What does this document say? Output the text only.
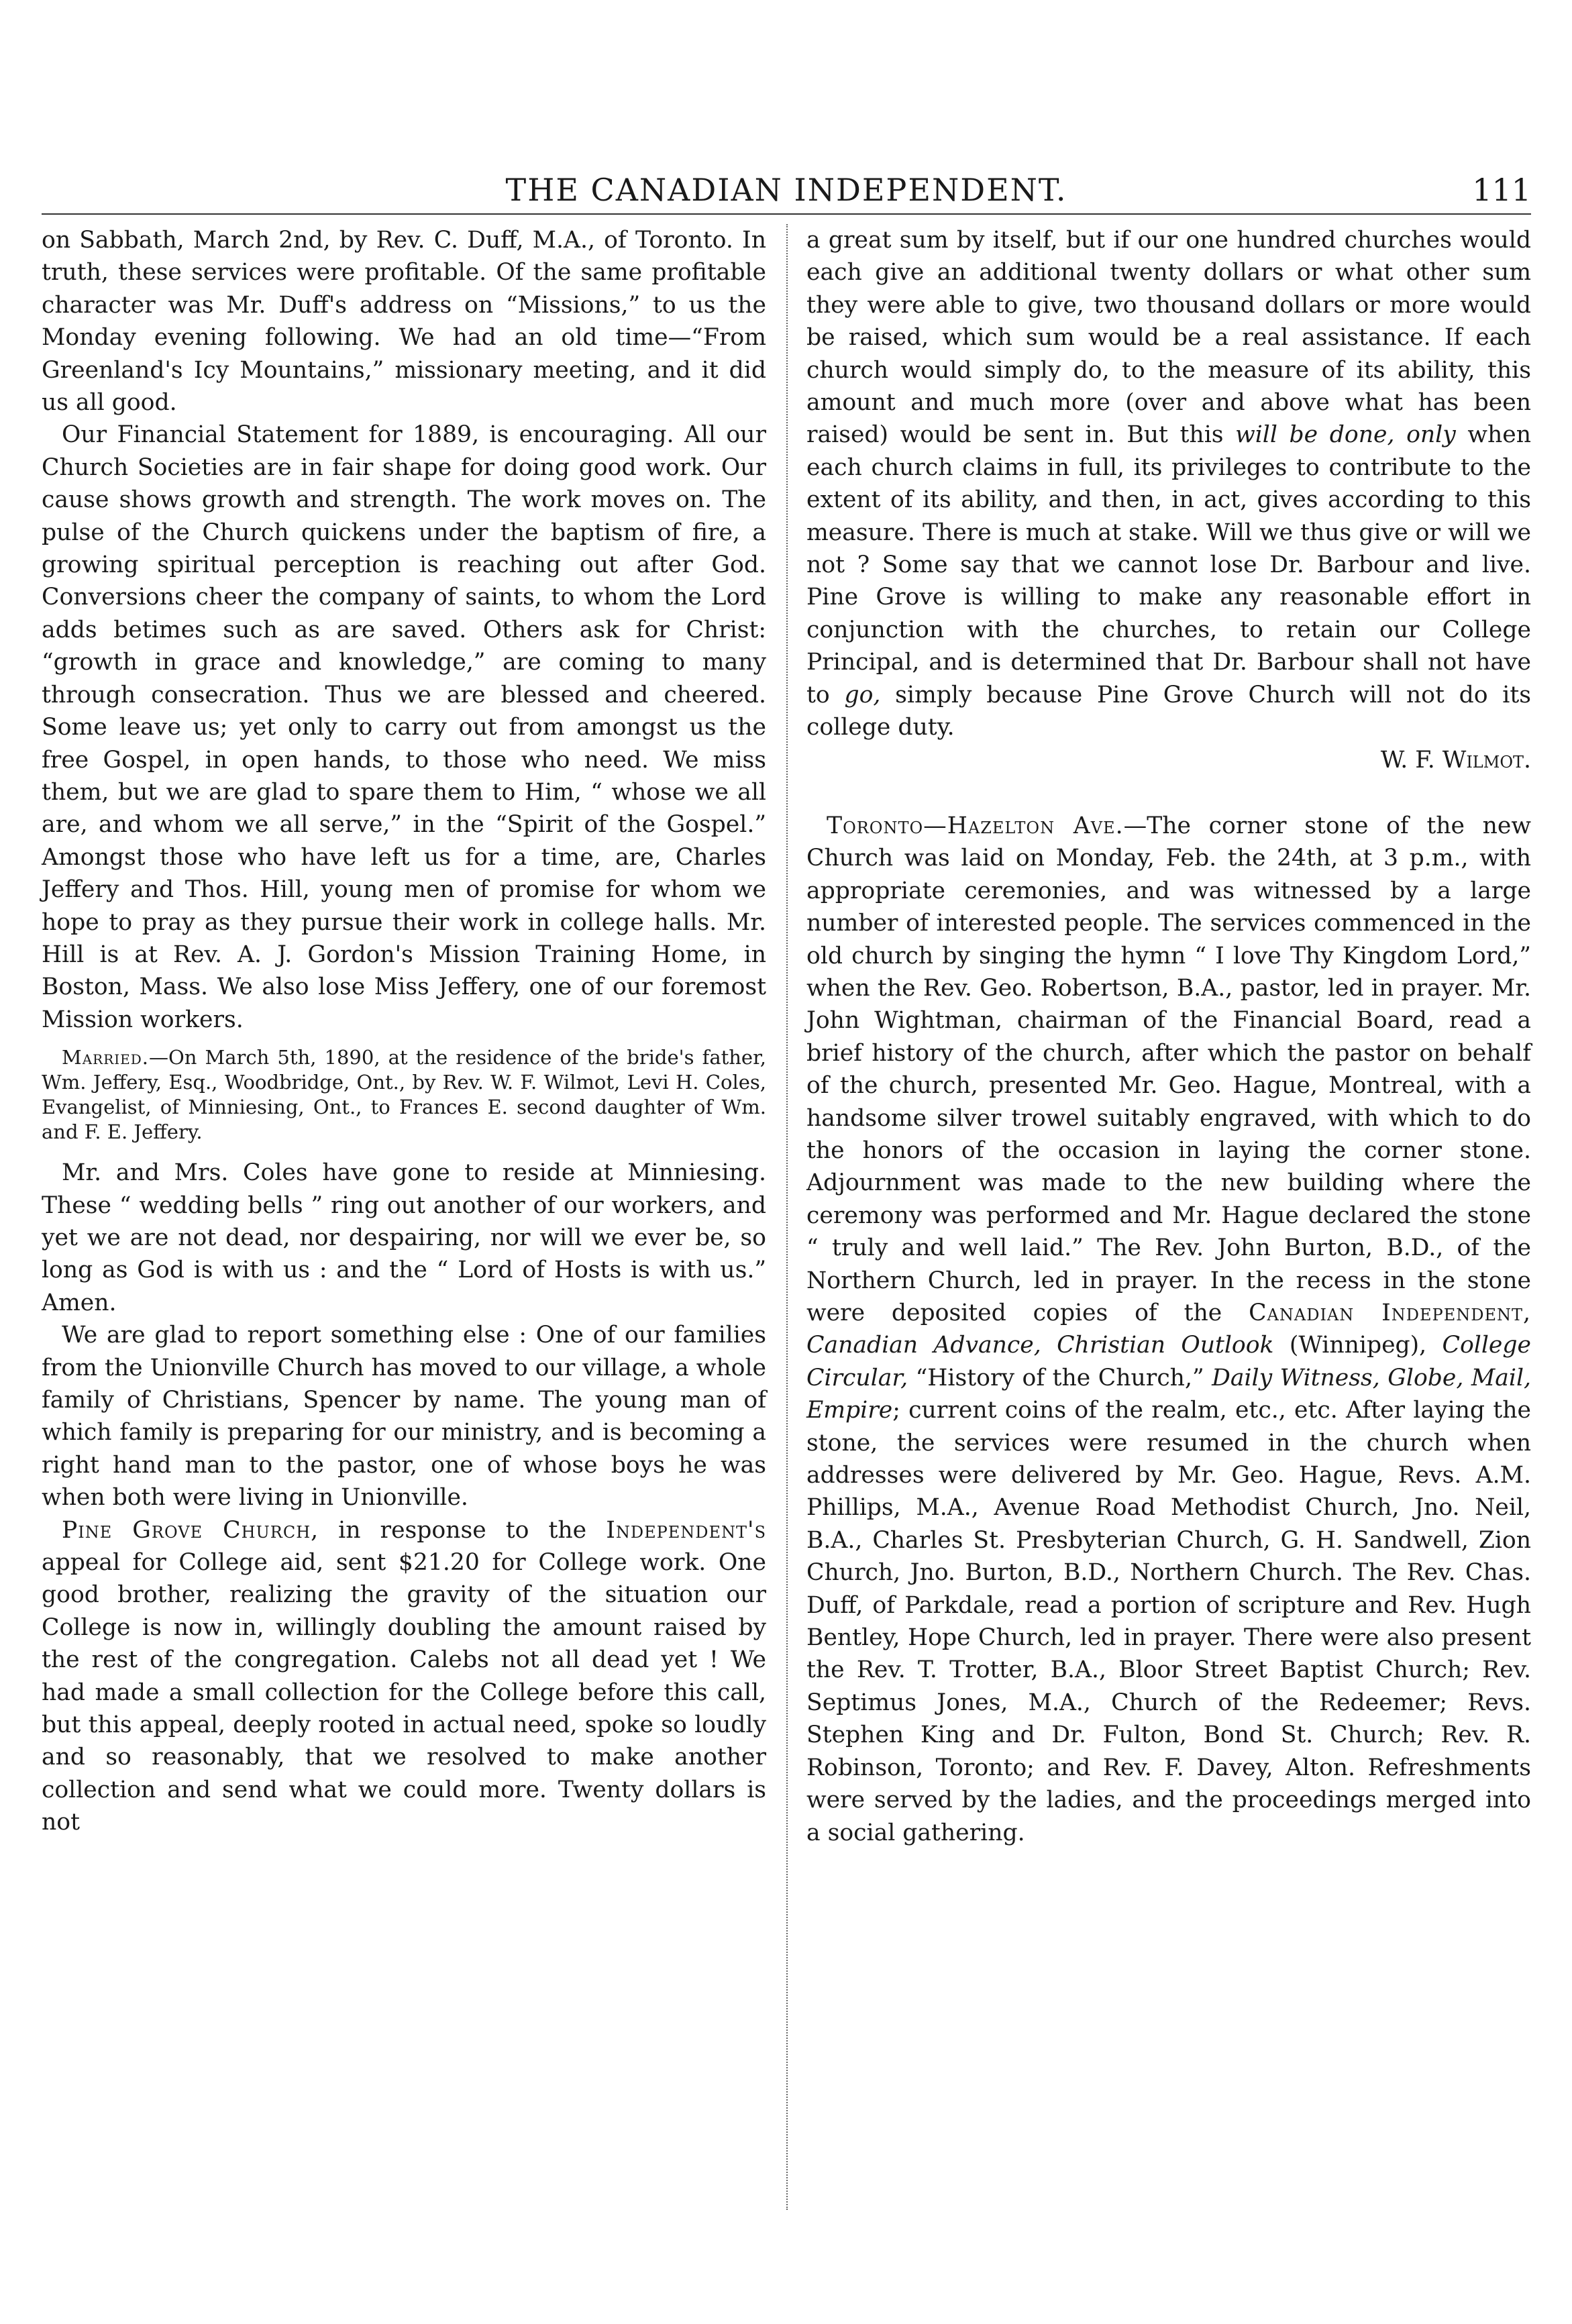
THE CANADIAN INDEPENDENT.	111

on Sabbath, March 2nd, by Rev. C. Duff, M.A., of Toronto. In truth, these services were profitable. Of the same profitable character was Mr. Duff's address on “Missions,” to us the Monday evening following. We had an old time—“From Greenland's Icy Mountains,” missionary meeting, and it did us all good.

Our Financial Statement for 1889, is encouraging. All our Church Societies are in fair shape for doing good work. Our cause shows growth and strength. The work moves on. The pulse of the Church quickens under the baptism of fire, a growing spiritual perception is reaching out after God. Conversions cheer the company of saints, to whom the Lord adds betimes such as are saved. Others ask for Christ: “growth in grace and knowledge,” are coming to many through consecration. Thus we are blessed and cheered. Some leave us; yet only to carry out from amongst us the free Gospel, in open hands, to those who need. We miss them, but we are glad to spare them to Him, “ whose we all are, and whom we all serve,” in the “Spirit of the Gospel.” Amongst those who have left us for a time, are, Charles Jeffery and Thos. Hill, young men of promise for whom we hope to pray as they pursue their work in college halls. Mr. Hill is at Rev. A. J. Gordon's Mission Training Home, in Boston, Mass. We also lose Miss Jeffery, one of our foremost Mission workers.

Married.—On March 5th, 1890, at the residence of the bride's father, Wm. Jeffery, Esq., Woodbridge, Ont., by Rev. W. F. Wilmot, Levi H. Coles, Evangelist, of Minniesing, Ont., to Frances E. second daughter of Wm. and F. E. Jeffery.

Mr. and Mrs. Coles have gone to reside at Minniesing. These “ wedding bells ” ring out another of our workers, and yet we are not dead, nor despairing, nor will we ever be, so long as God is with us : and the “ Lord of Hosts is with us.” Amen.

We are glad to report something else : One of our families from the Unionville Church has moved to our village, a whole family of Christians, Spencer by name. The young man of which family is preparing for our ministry, and is becoming a right hand man to the pastor, one of whose boys he was when both were living in Unionville.

Pine Grove Church, in response to the Independent's appeal for College aid, sent $21.20 for College work. One good brother, realizing the gravity of the situation our College is now in, willingly doubling the amount raised by the rest of the congregation. Calebs not all dead yet ! We had made a small collection for the College before this call, but this appeal, deeply rooted in actual need, spoke so loudly and so reasonably, that we resolved to make another collection and send what we could more. Twenty dollars is not

a great sum by itself, but if our one hundred churches would each give an additional twenty dollars or what other sum they were able to give, two thousand dollars or more would be raised, which sum would be a real assistance. If each church would simply do, to the measure of its ability, this amount and much more (over and above what has been raised) would be sent in. But this will be done, only when each church claims in full, its privileges to contribute to the extent of its ability, and then, in act, gives according to this measure. There is much at stake. Will we thus give or will we not ? Some say that we cannot lose Dr. Barbour and live. Pine Grove is willing to make any reasonable effort in conjunction with the churches, to retain our College Principal, and is determined that Dr. Barbour shall not have to go, simply because Pine Grove Church will not do its college duty.

W. F. Wilmot.

Toronto—Hazelton Ave.—The corner stone of the new Church was laid on Monday, Feb. the 24th, at 3 p.m., with appropriate ceremonies, and was witnessed by a large number of interested people. The services commenced in the old church by singing the hymn “ I love Thy Kingdom Lord,” when the Rev. Geo. Robertson, B.A., pastor, led in prayer. Mr. John Wightman, chairman of the Financial Board, read a brief history of the church, after which the pastor on behalf of the church, presented Mr. Geo. Hague, Montreal, with a handsome silver trowel suitably engraved, with which to do the honors of the occasion in laying the corner stone. Adjournment was made to the new building where the ceremony was performed and Mr. Hague declared the stone “ truly and well laid.” The Rev. John Burton, B.D., of the Northern Church, led in prayer. In the recess in the stone were deposited copies of the Canadian Independent, Canadian Advance, Christian Outlook (Winnipeg), College Circular, “History of the Church,” Daily Witness, Globe, Mail, Empire; current coins of the realm, etc., etc. After laying the stone, the services were resumed in the church when addresses were delivered by Mr. Geo. Hague, Revs. A.M. Phillips, M.A., Avenue Road Methodist Church, Jno. Neil, B.A., Charles St. Presbyterian Church, G. H. Sandwell, Zion Church, Jno. Burton, B.D., Northern Church. The Rev. Chas. Duff, of Parkdale, read a portion of scripture and Rev. Hugh Bentley, Hope Church, led in prayer. There were also present the Rev. T. Trotter, B.A., Bloor Street Baptist Church; Rev. Septimus Jones, M.A., Church of the Redeemer; Revs. Stephen King and Dr. Fulton, Bond St. Church; Rev. R. Robinson, Toronto; and Rev. F. Davey, Alton. Refreshments were served by the ladies, and the proceedings merged into a social gathering.
